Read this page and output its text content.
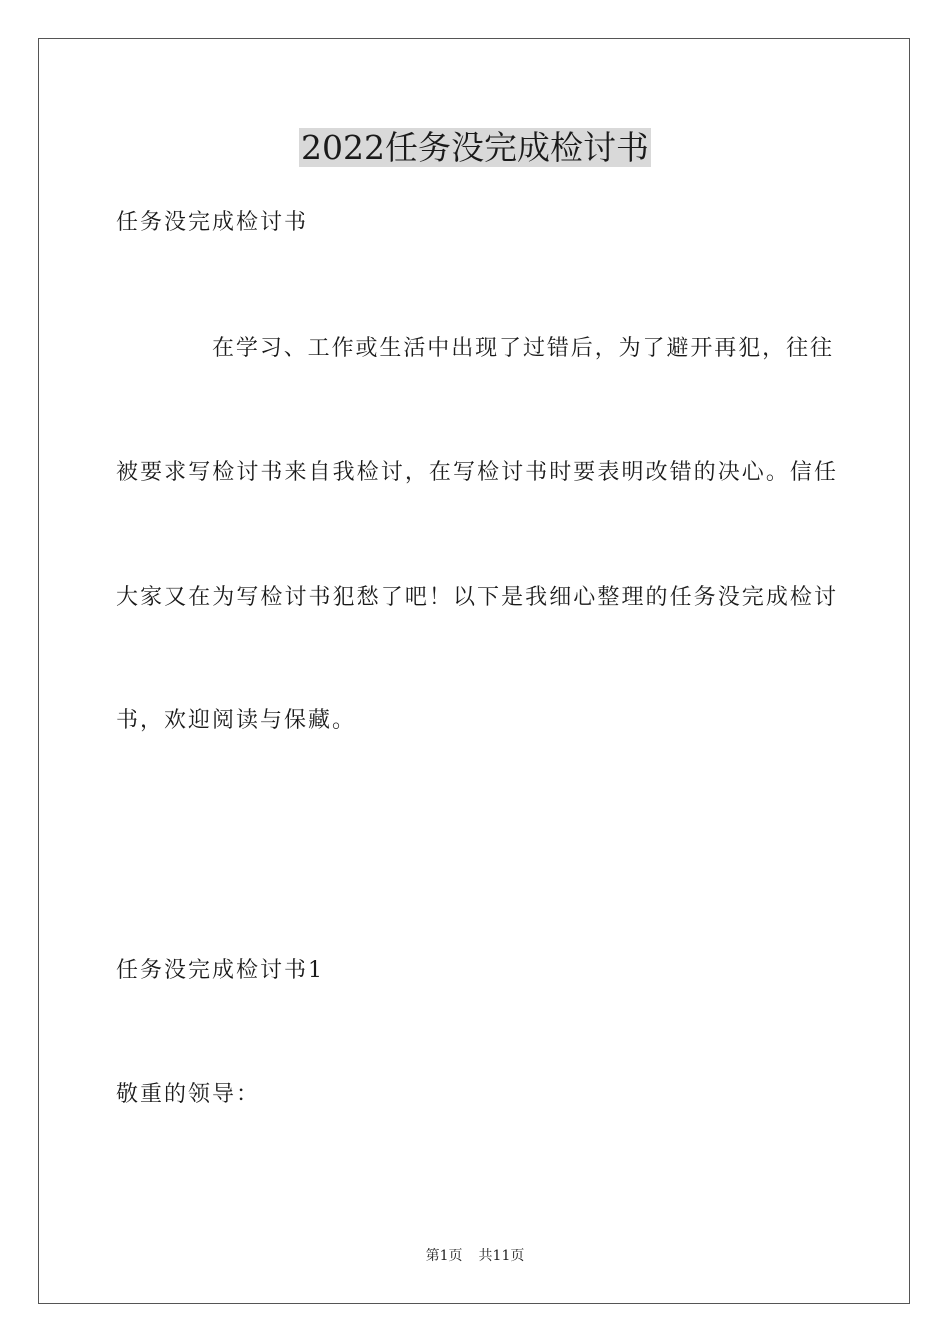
2022任务没完成检讨书

任务没完成检讨书

在学习、工作或生活中出现了过错后，为了避开再犯，往往

被要求写检讨书来自我检讨，在写检讨书时要表明改错的决心。信任

大家又在为写检讨书犯愁了吧！以下是我细心整理的任务没完成检讨

书，欢迎阅读与保藏。

任务没完成检讨书1

敬重的领导：

第1页 共11页
